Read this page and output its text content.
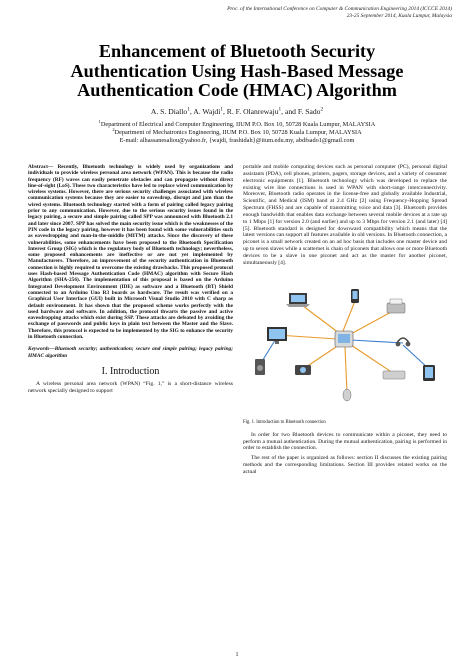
Proc. of the International Conference on Computer & Communication Engineering 2014 (ICCCE 2014)
23-25 September 2014, Kuala Lumpur, Malaysia
Enhancement of Bluetooth Security
Authentication Using Hash-Based Message
Authentication Code (HMAC) Algorithm
A. S. Diallo$^1$, A. Wajdi$^1$, R. F. Olanrewaju$^1$, and F. Sado$^2$
$^1$Department of Electrical and Computer Engineering, IIUM P.O. Box 10, 50728 Kuala Lumpur, MALAYSIA
$^2$Department of Mechatronics Engineering, IIUM P.O. Box 10, 50728 Kuala Lumpur, MALAYSIA
E-mail: alhassanesaliou@yahoo.fr, {wajdi, frashidah}@iium.edu.my, abdfsado1@gmail.com

Abstract— Recently, Bluetooth technology is widely used by organizations and individuals to provide wireless personal area network (WPAN). This is because the radio frequency (RF) waves can easily penetrate obstacles and can propagate without direct line-of-sight (LoS). These two characteristics have led to replace wired communication by wireless systems. However, there are serious security challenges associated with wireless communication systems because they are easier to eavesdrop, disrupt and jam than the wired systems. Bluetooth technology started with a form of pairing called legacy pairing prior to any communication. However, due to the serious security issues found in the legacy pairing, a secure and simple pairing called SPP was announced with Bluetooth 2.1 and later since 2007. SPP has solved the main security issue which is the weaknesses of the PIN code in the legacy pairing, however it has been found with some vulnerabilities such as eavesdropping and man-in-the-middle (MITM) attacks. Since the discovery of these vulnerabilities, some enhancements have been proposed to the Bluetooth Specification Interest Group (SIG) which is the regulatory body of Bluetooth technology; nevertheless, some proposed enhancements are ineffective or are not yet implemented by Manufacturers. Therefore, an improvement of the security authentication in Bluetooth connection is highly required to overcome the existing drawbacks. This proposed protocol uses Hash-based Message Authentication Code (HMAC) algorithm with Secure Hash Algorithm (SHA-256). The implementation of this proposal is based on the Arduino Integrated Development Environment (IDE) as software and a Bluetooth (BT) Shield connected to an Arduino Uno R3 boards as hardware. The result was verified on a Graphical User Interface (GUI) built in Microsoft Visual Studio 2010 with C sharp as default environment. It has shown that the proposed scheme works perfectly with the used hardware and software. In addition, the protocol thwarts the passive and active eavesdropping attacks which exist during SSP. These attacks are defeated by avoiding the exchange of passwords and public keys in plain text between the Master and the Slave. Therefore, this protocol is expected to be implemented by the SIG to enhance the security in Bluetooth connection.

Keywords—Bluetooth security; authentication; secure and simple pairing; legacy pairing; HMAC algorithm

I. Introduction

A wireless personal area network (WPAN) “Fig. 1,” is a short-distance wireless network specially designed to support

portable and mobile computing devices such as personal computer (PC), personal digital assistants (PDA), cell phones, printers, pagers, storage devices, and a variety of consumer electronic equipments [1]. Bluetooth technology which was developed to replace the existing wire line connections is used in WPAN with short-range interconnectivity. Moreover, Bluetooth radio operates in the license-free and globally available Industrial, Scientific, and Medical (ISM) band at 2.4 GHz [2] using Frequency-Hopping Spread Spectrum (FHSS) and are capable of transmitting voice and data [3]. Bluetooth provides enough bandwidth that enables data exchange between several mobile devices at a rate up to 1 Mbps [1] for version 2.0 (and earlier) and up to 3 Mbps for version 2.1 (and later) [4][5]. Bluetooth standard is designed for downward compatibility which means that the latest versions can support all features available in old versions. In Bluetooth connection, a piconet is a small network created on an ad hoc basis that includes one master device and up to seven slaves while a scatternet is chain of piconets that allows one or more Bluetooth devices to be a slave in one piconet and act as the master for another piconet, simultaneously [4].

Fig. 1. Introduction to Bluetooth connection

In order for two Bluetooth devices to communicate within a piconet, they need to perform a mutual authentication. During the mutual authentication, pairing is performed in order to establish the connection.

The rest of the paper is organized as follows: section II discusses the existing pairing methods and the corresponding limitations. Section III provides related works on the actual

1
